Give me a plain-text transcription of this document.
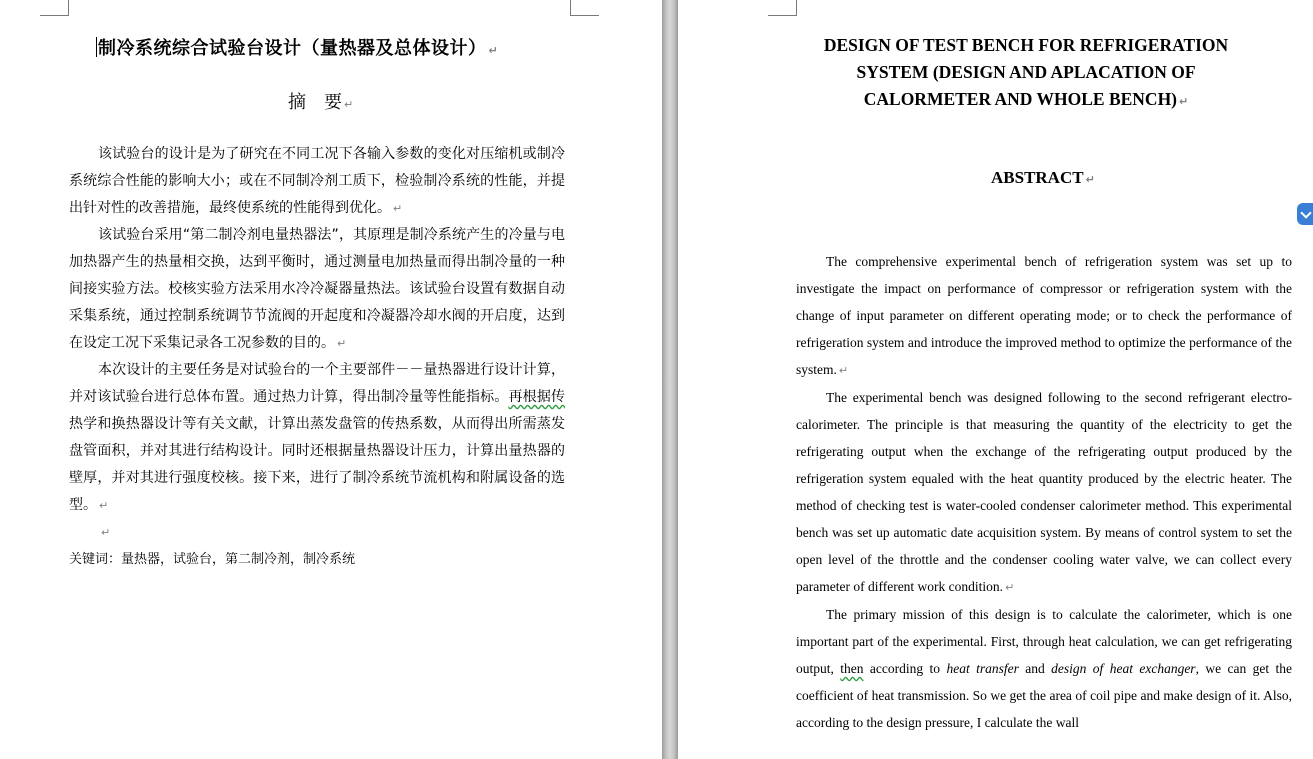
制冷系统综合试验台设计（量热器及总体设计） ↵
摘　要 ↵

该试验台的设计是为了研究在不同工况下各输入参数的变化对压缩机或制冷系统综合性能的影响大小；或在不同制冷剂工质下，检验制冷系统的性能，并提出针对性的改善措施，最终使系统的性能得到优化。 ↵

该试验台采用“第二制冷剂电量热器法”，其原理是制冷系统产生的冷量与电加热器产生的热量相交换，达到平衡时，通过测量电加热量而得出制冷量的一种间接实验方法。校核实验方法采用水冷冷凝器量热法。该试验台设置有数据自动采集系统，通过控制系统调节节流阀的开起度和冷凝器冷却水阀的开启度，达到在设定工况下采集记录各工况参数的目的。 ↵

本次设计的主要任务是对试验台的一个主要部件－－量热器进行设计计算，并对该试验台进行总体布置。通过热力计算，得出制冷量等性能指标。再根据传热学和换热器设计等有关文献，计算出蒸发盘管的传热系数，从而得出所需蒸发盘管面积，并对其进行结构设计。同时还根据量热器设计压力，计算出量热器的壁厚，并对其进行强度校核。接下来，进行了制冷系统节流机构和附属设备的选型。 ↵

↵

关键词：量热器，试验台，第二制冷剂，制冷系统

DESIGN OF TEST BENCH FOR REFRIGERATION
SYSTEM (DESIGN AND APLACATION OF
CALORMETER AND WHOLE BENCH) ↵
ABSTRACT ↵

The comprehensive experimental bench of refrigeration system was set up to investigate the impact on performance of compressor or refrigeration system with the change of input parameter on different operating mode; or to check the performance of refrigeration system and introduce the improved method to optimize the performance of the system. ↵

The experimental bench was designed following to the second refrigerant electro-calorimeter. The principle is that measuring the quantity of the electricity to get the refrigerating output when the exchange of the refrigerating output produced by the refrigeration system equaled with the heat quantity produced by the electric heater. The method of checking test is water-cooled condenser calorimeter method. This experimental bench was set up automatic date acquisition system. By means of control system to set the open level of the throttle and the condenser cooling water valve, we can collect every parameter of different work condition. ↵

The primary mission of this design is to calculate the calorimeter, which is one important part of the experimental. First, through heat calculation, we can get refrigerating output, then according to heat transfer and design of heat exchanger, we can get the coefficient of heat transmission. So we get the area of coil pipe and make design of it. Also, according to the design pressure, I calculate the wall
